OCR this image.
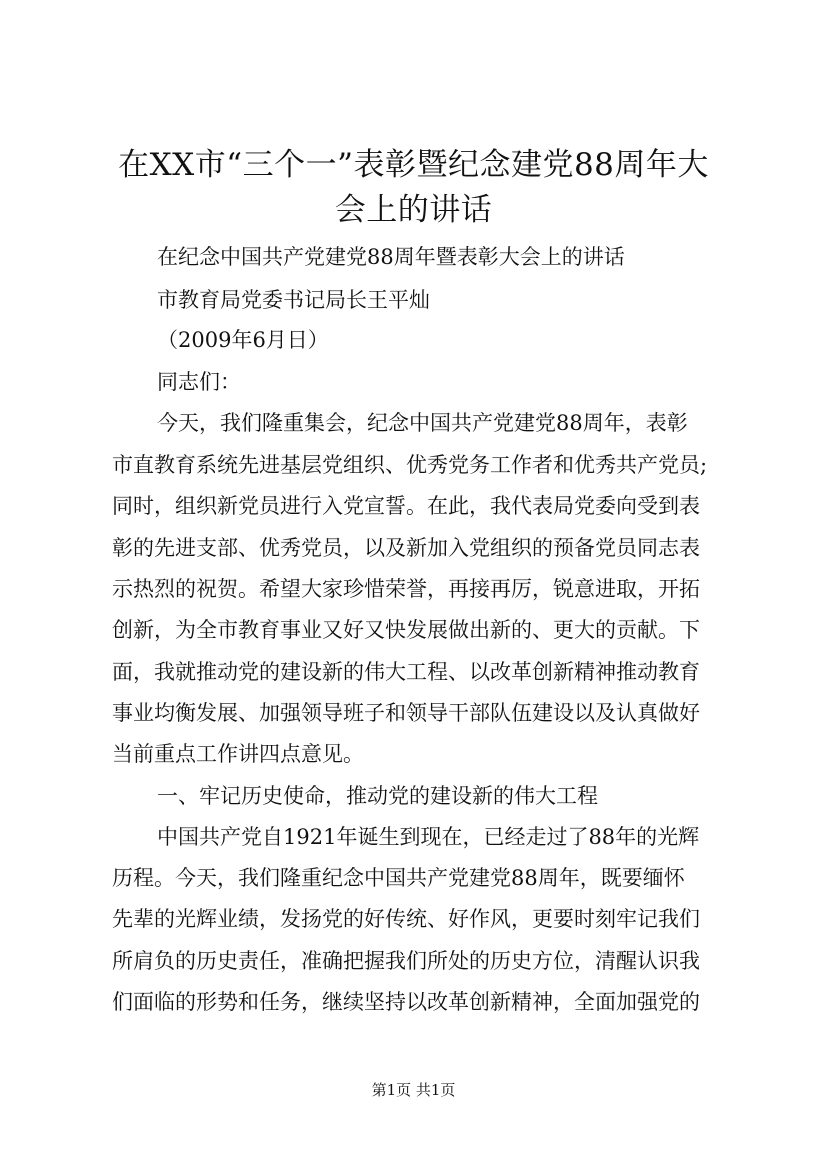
在XX市“三个一”表彰暨纪念建党88周年大
会上的讲话
在纪念中国共产党建党88周年暨表彰大会上的讲话
市教育局党委书记局长王平灿
（2009年6月日）
同志们：
今天，我们隆重集会，纪念中国共产党建党88周年，表彰
市直教育系统先进基层党组织、优秀党务工作者和优秀共产党员;
同时，组织新党员进行入党宣誓。在此，我代表局党委向受到表
彰的先进支部、优秀党员，以及新加入党组织的预备党员同志表
示热烈的祝贺。希望大家珍惜荣誉，再接再厉，锐意进取，开拓
创新，为全市教育事业又好又快发展做出新的、更大的贡献。下
面，我就推动党的建设新的伟大工程、以改革创新精神推动教育
事业均衡发展、加强领导班子和领导干部队伍建设以及认真做好
当前重点工作讲四点意见。
一、牢记历史使命，推动党的建设新的伟大工程
中国共产党自1921年诞生到现在，已经走过了88年的光辉
历程。今天，我们隆重纪念中国共产党建党88周年，既要缅怀
先辈的光辉业绩，发扬党的好传统、好作风，更要时刻牢记我们
所肩负的历史责任，准确把握我们所处的历史方位，清醒认识我
们面临的形势和任务，继续坚持以改革创新精神，全面加强党的
第1页 共1页
